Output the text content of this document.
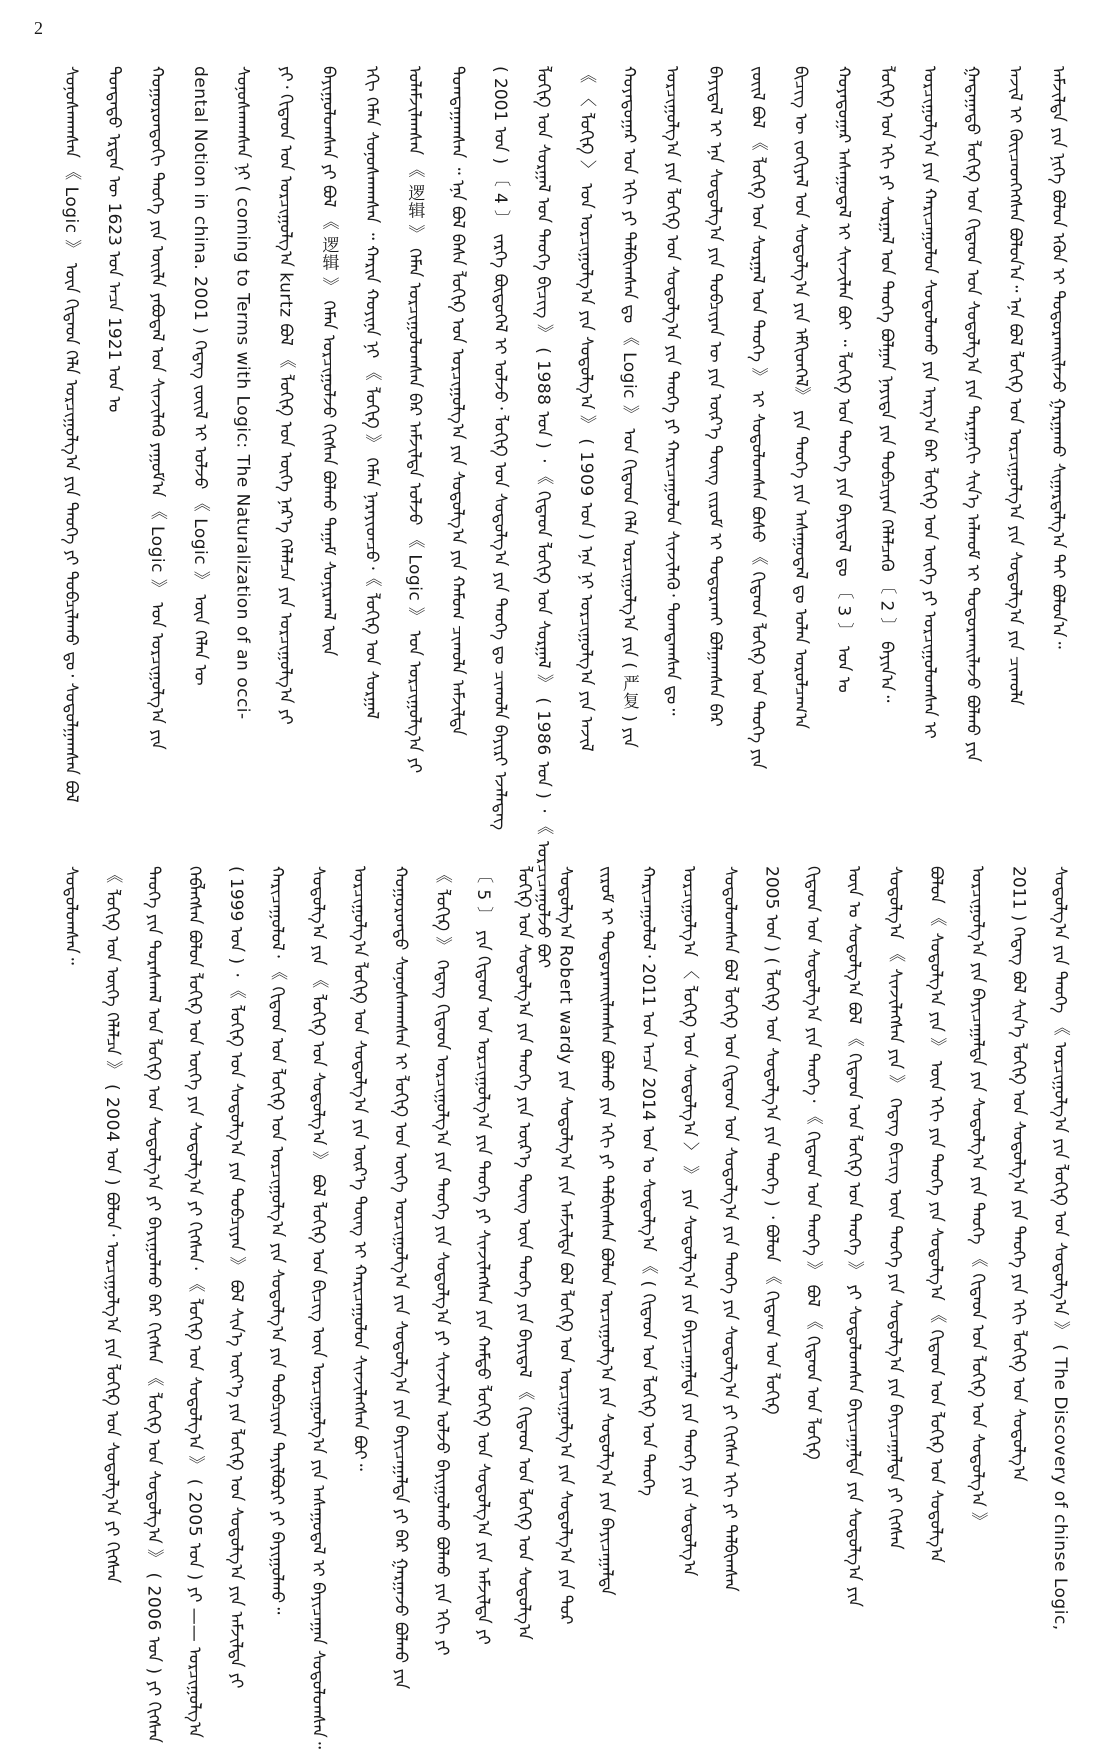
2
ᠰᠣᠨᠣᠰᠬᠠᠭᠰᠠᠨ 《 Logic 》 ᠦᠨ ᠬᠢᠲᠠᠳ ᠬᠡᠯᠡ ᠤᠷᠴᠢᠭᠤᠯᠭ᠎ᠠ ᠶᠢᠨ ᠲᠡᠦᠬᠡ ᠶᠢ ᠲᠣᠪᠴᠢᠯᠠᠬᠤ ᠳᠤ᠂ ᠰᠤᠳᠤᠯᠭᠠᠭᠰᠠᠨ ᠪᠣᠯ ᠳᠣᠨᠳᠠᠳᠤ ᠡᠷᠲᠡᠨ ᠦ 1623 ᠣᠨ ᠠᠴᠠ 1921 ᠣᠨ ᠤ ᠬᠣᠭᠣᠷᠣᠨᠳᠤᠬᠢ ᠲᠡᠦᠬᠡ ᠶᠢᠨ ᠦᠢᠯᠡ ᠶᠠᠪᠤᠳᠠᠯ ᠤᠨ ᠰᠢᠨᠵᠢᠯᠡᠬᠦ ᠶᠠᠭᠤᠮ᠎ᠠ 《 Logic 》 ᠤᠨ ᠣᠷᠴᠢᠭᠤᠯᠭ᠎ᠠ ᠶᠢᠨ dental Notion in china. 2001 ) ᠭᠡᠳᠡᠭ ᠵᠦᠢᠯ ᠢ ᠣᠯᠵᠤ 《 Logic 》 ᠦᠨ ᠬᠡᠯᠡᠨ ᠦ ᠰᠣᠨᠣᠰᠬᠠᠭᠰᠠᠨ ᠨᠢ ( coming to Terms with Logic: The Naturalization of an occi- ᠶᠢ᠂ ᠬᠢᠲᠠᠳ ᠤᠨ ᠣᠷᠴᠢᠭᠤᠯᠭ᠎ᠠ kurtz ᠪᠣᠯ 《 ᠯᠣᠭᠢᠺ ᠤᠨ ᠦᠭᠡ ᠨᠡᠷ᠎ᠡ ᠬᠡᠯᠡᠯᠴᠡ ᠶᠢᠨ ᠣᠷᠴᠢᠭᠤᠯᠭ᠎ᠠ ᠶᠢ ᠪᠠᠶᠢᠭᠤᠯᠤᠭᠰᠠᠨ ᠶᠢ ᠪᠣᠯ 《 逻辑 》 ᠬᠡᠮᠡᠨ ᠣᠷᠴᠢᠭᠤᠯᠵᠤ ᠬᠢᠭᠰᠡᠨ ᠪᠣᠯᠬᠣ ᠳᠠᠭᠠᠮ ᠰᠣᠨᠢᠷᠬᠠᠯ ᠦᠨ ᠡᠬᠢ ᠬᠡᠮᠡᠨ ᠰᠣᠨᠣᠰᠬᠠᠭᠰᠠᠨ ᠃ ᠬᠠᠷᠢᠨ ᠬᠣᠶᠢᠨᠠ ᠨᠢ 《 ᠯᠣᠭᠢᠺ 》 ᠬᠡᠮᠡᠨ ᠨᠡᠷᠡᠶᠢᠳᠴᠦ᠂《 ᠯᠣᠭᠢᠺ ᠤᠨ ᠰᠤᠷᠭᠠᠯ ᠤᠯᠠᠮᠵᠢᠯᠠᠭᠰᠠᠨ 《 逻辑 》 ᠬᠡᠮᠡᠨ ᠣᠷᠴᠢᠭᠤᠯᠤᠭᠰᠠᠨ ᠪᠡᠷ ᠠᠮᠵᠢᠯᠲᠠ ᠣᠯᠵᠤ 《 Logic 》 ᠤᠨ ᠣᠷᠴᠢᠭᠤᠯᠭ᠎ᠠ ᠶᠢ ᠲᠣᠭᠲᠠᠭᠠᠭᠰᠠᠨ ᠃ ᠡᠨᠡ ᠪᠣᠯ ᠪᠠᠰᠠ ᠯᠣᠭᠢᠺ ᠤᠨ ᠣᠷᠴᠢᠭᠤᠯᠭ᠎ᠠ ᠶᠢᠨ ᠰᠤᠳᠤᠯᠭ᠎ᠠ ᠶᠢᠨ ᠬᠠᠮᠤᠭ ᠴᠢᠬᠤᠯᠠ ᠠᠮᠵᠢᠯᠲᠠ ( 2001 ᠣᠨ ) 〔 4 〕 ᠵᠡᠷᠭᠡ ᠪᠦᠲᠦᠭᠡᠯ ᠢ ᠣᠯᠵᠤ᠂ ᠯᠣᠭᠢᠺ ᠤᠨ ᠰᠤᠳᠤᠯᠭ᠎ᠠ ᠶᠢᠨ ᠲᠡᠦᠬᠡ ᠳᠤ ᠴᠢᠬᠤᠯᠠ ᠪᠠᠶᠢᠷᠢ ᠡᠵᠡᠯᠡᠳᠡᠭ ᠯᠣᠭᠢᠺ ᠤᠨ ᠰᠤᠷᠭᠠᠯ ᠤᠨ ᠲᠡᠦᠬᠡ ᠪᠢᠴᠢᠭ 》 ( 1988 ᠣᠨ ) ᠂ 《 ᠬᠢᠲᠠᠳ ᠯᠣᠭᠢᠺ ᠤᠨ ᠰᠤᠷᠭᠠᠯ 》 ( 1986 ᠣᠨ ) ᠂ 《 ᠣᠷᠴᠢᠴᠠᠭᠤᠯᠵᠤ ᠪᠤᠢ 《 〈 ᠯᠣᠭᠢᠺ 〉 ᠤᠨ ᠣᠷᠴᠢᠭᠤᠯᠭ᠎ᠠ ᠶᠢᠨ ᠰᠤᠳᠤᠯᠭ᠎ᠠ 》 ( 1909 ᠣᠨ ) ᠡᠨᠡ ᠨᠢ ᠣᠷᠴᠢᠭᠤᠯᠭ᠎ᠠ ᠶᠢᠨ ᠠᠵᠢᠯ ᠬᠣᠶᠠᠳᠤᠭᠠᠷ ᠤᠨ ᠡᠬᠢ ᠶᠢ ᠲᠠᠯᠪᠢᠭᠰᠠᠨ ᠳᠤ 《 Logic 》 ᠤᠨ ᠬᠢᠲᠠᠳ ᠬᠡᠯᠡ ᠤᠷᠴᠢᠭᠤᠯᠭ᠎ᠠ ᠶᠢᠨ ( 严复 ) ᠶᠢᠨ ᠣᠷᠴᠢᠭᠤᠯᠭ᠎ᠠ ᠶᠢᠨ ᠯᠣᠭᠢᠺ ᠤᠨ ᠰᠤᠳᠤᠯᠭ᠎ᠠ ᠶᠢᠨ ᠲᠡᠦᠬᠡ ᠶᠢ ᠬᠠᠷᠢᠴᠠᠭᠤᠯᠤᠨ ᠰᠢᠨᠵᠢᠯᠡᠬᠦ᠂ ᠲᠣᠭᠲᠠᠭᠰᠠᠨ ᠳᠤ᠃ ᠪᠠᠶᠢᠳᠠᠯ ᠢ ᠡᠨᠡ ᠰᠤᠳᠤᠯᠭ᠎ᠠ ᠶᠢᠨ ᠲᠣᠪᠴᠢᠶᠠᠨ ᠦ ᠶᠢᠨ ᠦᠷ᠎ᠡ ᠳᠦᠩ ᠵᠢᠷᠤᠮ ᠢ ᠲᠣᠳᠣᠷᠬᠠᠢ ᠪᠣᠯᠭᠠᠭᠰᠠᠨ ᠪᠡᠷ ᠵᠦᠢᠯ ᠪᠣᠯ 《 ᠯᠣᠭᠢᠺ ᠤᠨ ᠰᠤᠷᠭᠠᠯ ᠤᠨ ᠲᠡᠦᠬᠡ 》 ᠢ ᠰᠤᠳᠤᠯᠤᠭᠰᠠᠨ ᠪᠤᠰᠤ 《 ᠬᠢᠲᠠᠳ ᠯᠣᠭᠢᠺ ᠤᠨ ᠲᠡᠦᠬᠡ ᠶᠢᠨ ᠪᠢᠴᠢᠭ ᠦ ᠵᠣᠬᠢᠶᠠᠯ ᠤᠨ ᠰᠤᠳᠤᠯᠭ᠎ᠠ ᠶᠢᠨ ᠡᠮᠬᠢᠳᠬᠡᠯ》 ᠶᠢᠨ ᠲᠡᠦᠬᠡ ᠶᠢᠨ ᠠᠰᠠᠭᠤᠳᠠᠯ ᠳᠤ ᠣᠯᠠᠨ ᠣᠷᠣᠯᠴᠠᠭ᠎ᠠ ᠬᠣᠶᠠᠳᠤᠭᠠᠷ ᠠᠰᠠᠭᠤᠳᠠᠯ ᠢ ᠰᠢᠨᠵᠢᠯᠡᠨ ᠪᠤᠢ ᠃ ᠯᠣᠭᠢᠺ ᠤᠨ ᠲᠡᠦᠬᠡ ᠶᠢᠨ ᠪᠠᠶᠢᠳᠠᠯ ᠳᠤ 〔 3 〕 ᠣᠨ ᠤ ᠯᠣᠭᠢᠺ ᠤᠨ ᠡᠬᠢ ᠶᠢ ᠰᠤᠷᠭᠠᠯ ᠤᠨ ᠲᠡᠦᠬᠡ ᠪᠣᠯᠭᠠᠨ ᠨᠡᠶᠢᠲᠡ ᠶᠢᠨ ᠲᠣᠪᠴᠢᠶᠠᠨ ᠬᠡᠯᠡᠯᠴᠡᠬᠦ 〔 2 〕 ᠪᠠᠶᠢᠨ᠎ᠠ᠃ ᠣᠷᠴᠢᠭᠤᠯᠭ᠎ᠠ ᠶᠢᠨ ᠬᠠᠷᠢᠴᠠᠭᠤᠯᠤᠨ ᠰᠤᠳᠤᠯᠤᠬᠤ ᠶᠢᠨ ᠠᠷᠭ᠎ᠠ ᠪᠠᠷ ᠯᠣᠭᠢᠺ ᠤᠨ ᠦᠭᠡ ᠶᠢ ᠣᠷᠴᠢᠭᠤᠯᠤᠭᠰᠠᠨ ᠢ ᠭᠠᠳᠠᠭᠠᠳᠤ ᠯᠣᠭᠢᠺ ᠤᠨ ᠬᠢᠲᠠᠳ ᠤᠨ ᠰᠤᠳᠤᠯᠭ᠎ᠠ ᠶᠢᠨ ᠳᠠᠷᠠᠭᠠᠬᠢ ᠰᠢᠨ᠎ᠡ ᠠᠯᠬᠤᠮ ᠢ ᠲᠣᠳᠣᠷᠬᠠᠢᠯᠠᠵᠤ ᠪᠣᠯᠬᠤ ᠶᠢᠨ ᠠᠵᠢᠯ ᠢ ᠭᠦᠢᠴᠡᠳᠬᠡᠭᠰᠡᠨ ᠪᠣᠯᠤᠨ᠎ᠠ᠃ ᠡᠨᠡ ᠪᠣᠯ ᠯᠣᠭᠢᠺ ᠤᠨ ᠣᠷᠴᠢᠭᠤᠯᠭ᠎ᠠ ᠶᠢᠨ ᠰᠤᠳᠤᠯᠭ᠎ᠠ ᠶᠢᠨ ᠴᠢᠬᠤᠯᠠ ᠠᠮᠵᠢᠯᠲᠠ ᠶᠢᠨ ᠨᠢᠭᠡ ᠪᠣᠯᠤᠨ ᠡᠭᠦᠨ ᠢ ᠲᠣᠳᠣᠷᠬᠠᠢᠯᠠᠵᠤ ᠭᠠᠷᠭᠠᠬᠤ ᠰᠢᠭᠠᠷᠳᠠᠯᠭ᠎ᠠ ᠲᠠᠢ ᠪᠣᠯᠤᠨ᠎ᠠ᠃
ᠰᠤᠳᠤᠯᠤᠭᠰᠠᠨ᠃ 《 ᠯᠣᠭᠢᠺ ᠤᠨ ᠦᠭᠡ ᠬᠡᠯᠡᠯᠴᠡ 》 ( 2004 ᠣᠨ ) ᠪᠣᠯᠤᠨ᠂ ᠣᠷᠴᠢᠭᠤᠯᠭ᠎ᠠ ᠶᠢᠨ ᠯᠣᠭᠢᠺ ᠤᠨ ᠰᠤᠳᠤᠯᠭ᠎ᠠ ᠶᠢ ᠬᠢᠭᠰᠡᠨ ᠲᠡᠦᠬᠡ ᠶᠢᠨ ᠳᠤᠷᠠᠰᠬᠠᠯ ᠤᠨ ᠯᠣᠭᠢᠺ ᠤᠨ ᠰᠤᠳᠤᠯᠭ᠎ᠠ ᠶᠢ ᠪᠠᠶᠢᠭᠤᠯᠬᠤ ᠪᠠᠷ ᠬᠢᠭᠰᠡᠨ 《 ᠯᠣᠭᠢᠺ ᠤᠨ ᠰᠤᠳᠤᠯᠭ᠎ᠠ 》 ( 2006 ᠣᠨ ) ᠶᠢ ᠬᠢᠭᠰᠡᠨ ᠬᠡᠪᠯᠡᠭᠰᠡᠨ ᠪᠣᠯᠤᠨ ᠯᠣᠭᠢᠺ ᠤᠨ ᠦᠭᠡ ᠶᠢᠨ ᠰᠤᠳᠤᠯᠭ᠎ᠠ ᠶᠢ ᠬᠢᠭᠰᠡᠨ᠂ 《 ᠯᠣᠭᠢᠺ ᠤᠨ ᠰᠤᠳᠤᠯᠭ᠎ᠠ 》 ( 2005 ᠣᠨ ) ᠶᠢ —— ᠣᠷᠴᠢᠭᠤᠯᠭ᠎ᠠ ( 1999 ᠣᠨ ) ᠂ 《 ᠯᠣᠭᠢᠺ ᠤᠨ ᠰᠤᠳᠤᠯᠭ᠎ᠠ ᠶᠢᠨ ᠲᠣᠪᠴᠢᠶᠠᠨ 》 ᠪᠣᠯ ᠰᠢᠨ᠎ᠡ ᠦᠶ᠎ᠡ ᠶᠢᠨ ᠯᠣᠭᠢᠺ ᠤᠨ ᠰᠤᠳᠤᠯᠭ᠎ᠠ ᠶᠢᠨ ᠠᠮᠵᠢᠯᠲᠠ ᠶᠢ ᠬᠠᠷᠢᠴᠠᠭᠤᠯᠤᠯ᠂ 《 ᠬᠢᠲᠠᠳ ᠤᠨ ᠯᠣᠭᠢᠺ ᠤᠨ ᠣᠷᠴᠢᠭᠤᠯᠭ᠎ᠠ ᠶᠢᠨ ᠰᠤᠳᠤᠯᠭ᠎ᠠ ᠶᠢᠨ ᠲᠣᠪᠴᠢᠶᠠᠨ ᠲᠠᠶᠢᠯᠪᠤᠷᠢ ᠶᠢ ᠪᠠᠶᠢᠭᠤᠯᠬᠤ᠃ ᠰᠤᠳᠤᠯᠭ᠎ᠠ ᠶᠢᠨ 《 ᠯᠣᠭᠢᠺ ᠤᠨ ᠰᠤᠳᠤᠯᠭ᠎ᠠ 》 ᠪᠣᠯ ᠯᠣᠭᠢᠺ ᠤᠨ ᠪᠢᠴᠢᠭ ᠦᠨ ᠣᠷᠴᠢᠭᠤᠯᠭ᠎ᠠ ᠶᠢᠨ ᠠᠰᠠᠭᠤᠳᠠᠯ ᠢ ᠪᠠᠶᠢᠴᠠᠭᠠᠨ ᠰᠤᠳᠤᠯᠤᠭᠰᠠᠨ᠃ ᠣᠷᠴᠢᠭᠤᠯᠭ᠎ᠠ ᠯᠣᠭᠢᠺ ᠤᠨ ᠰᠤᠳᠤᠯᠭ᠎ᠠ ᠶᠢᠨ ᠦᠷ᠎ᠡ ᠳᠦᠩ ᠢ ᠬᠠᠷᠢᠴᠠᠭᠤᠯᠤᠨ ᠰᠢᠨᠵᠢᠯᠡᠭᠰᠡᠨ ᠪᠤᠢ᠃ ᠬᠣᠭᠣᠷᠣᠨᠳᠤ ᠰᠣᠨᠣᠰᠬᠠᠭᠰᠠᠨ ᠢ ᠯᠣᠭᠢᠺ ᠤᠨ ᠦᠭᠡ ᠣᠷᠴᠢᠭᠤᠯᠭ᠎ᠠ ᠶᠢᠨ ᠰᠤᠳᠤᠯᠭ᠎ᠠ ᠶᠢᠨ ᠪᠠᠶᠢᠴᠠᠭᠠᠯᠲᠠ ᠶᠢ ᠪᠠᠷ ᠭᠠᠷᠭᠠᠵᠤ ᠪᠣᠯᠬᠤ ᠶᠢᠨ 《 ᠯᠣᠭᠢᠺ 》 ᠭᠡᠳᠡᠭ ᠬᠢᠲᠠᠳ ᠣᠷᠴᠢᠭᠤᠯᠭ᠎ᠠ ᠶᠢᠨ ᠲᠡᠦᠬᠡ ᠶᠢᠨ ᠰᠤᠳᠤᠯᠭ᠎ᠠ ᠶᠢ ᠰᠢᠨᠵᠢᠯᠡᠨ ᠣᠯᠵᠤ ᠪᠠᠶᠢᠭᠤᠯᠬᠤ ᠪᠣᠯᠬᠣ ᠶᠢᠨ ᠡᠬᠢ ᠶᠢ 〔 5 〕 ᠶᠢᠨ ᠬᠢᠲᠠᠳ ᠤᠨ ᠣᠷᠴᠢᠭᠤᠯᠭ᠎ᠠ ᠶᠢᠨ ᠲᠡᠦᠬᠡ ᠶᠢ ᠰᠢᠨᠵᠢᠯᠡᠭᠰᠡᠨ ᠶᠢᠨ ᠬᠠᠮᠲᠤ ᠯᠣᠭᠢᠺ ᠤᠨ ᠰᠤᠳᠤᠯᠭ᠎ᠠ ᠶᠢᠨ ᠠᠮᠵᠢᠯᠲᠠ ᠶᠢ ᠯᠣᠭᠢᠺ ᠤᠨ ᠰᠤᠳᠤᠯᠭ᠎ᠠ ᠶᠢᠨ ᠲᠡᠦᠬᠡ ᠶᠢᠨ ᠦᠷ᠎ᠡ ᠳᠦᠩ ᠦᠨ ᠲᠡᠦᠬᠡ ᠶᠢᠨ ᠪᠠᠶᠢᠳᠠᠯ 《 ᠬᠢᠲᠠᠳ ᠤᠨ ᠯᠣᠭᠢᠺ ᠤᠨ ᠰᠤᠳᠤᠯᠭ᠎ᠠ ᠰᠤᠳᠤᠯᠭ᠎ᠠ Robert wardy ᠶᠢᠨ ᠰᠤᠳᠤᠯᠭ᠎ᠠ ᠶᠢᠨ ᠠᠮᠵᠢᠯᠲᠠ ᠪᠣᠯ ᠯᠣᠭᠢᠺ ᠤᠨ ᠣᠷᠴᠢᠭᠤᠯᠭ᠎ᠠ ᠶᠢᠨ ᠰᠤᠳᠤᠯᠭ᠎ᠠ ᠶᠢᠨ ᠳᠤᠷ ᠵᠢᠷᠤᠮ ᠢ ᠲᠣᠳᠣᠷᠬᠠᠢᠯᠠᠭᠰᠠᠨ ᠪᠣᠯᠬᠣ ᠶᠢᠨ ᠡᠬᠢ ᠶᠢ ᠲᠠᠯᠪᠢᠭᠰᠠᠨ ᠪᠣᠯᠤᠨ ᠣᠷᠴᠢᠭᠤᠯᠭ᠎ᠠ ᠶᠢᠨ ᠰᠤᠳᠤᠯᠭ᠎ᠠ ᠶᠢᠨ ᠪᠠᠶᠢᠴᠠᠭᠠᠯᠲᠠ ᠬᠠᠷᠢᠴᠠᠭᠤᠯᠤᠯ᠂ 2011 ᠣᠨ ᠠᠴᠠ 2014 ᠣᠨ ᠤ ᠰᠤᠳᠤᠯᠭ᠎ᠠ 《 ( ᠬᠢᠲᠠᠳ ᠤᠨ ᠯᠣᠭᠢᠺ ᠤᠨ ᠲᠡᠦᠬᠡ ᠣᠷᠴᠢᠭᠤᠯᠭ᠎ᠠ 〈 ᠯᠣᠭᠢᠺ ᠤᠨ ᠰᠤᠳᠤᠯᠭ᠎ᠠ 〉 》 ᠶᠢᠨ ᠰᠤᠳᠤᠯᠭ᠎ᠠ ᠶᠢᠨ ᠪᠠᠶᠢᠴᠠᠭᠠᠯᠲᠠ ᠶᠢᠨ ᠲᠡᠦᠬᠡ ᠶᠢᠨ ᠰᠤᠳᠤᠯᠭ᠎ᠠ ᠰᠤᠳᠤᠯᠤᠭᠰᠠᠨ ᠪᠣᠯ ᠯᠣᠭᠢᠺ ᠤᠨ ᠬᠢᠲᠠᠳ ᠤᠨ ᠰᠤᠳᠤᠯᠭ᠎ᠠ ᠶᠢᠨ ᠲᠡᠦᠬᠡ ᠶᠢᠨ ᠰᠤᠳᠤᠯᠭ᠎ᠠ ᠶᠢ ᠬᠢᠭᠰᠡᠨ ᠡᠬᠢ ᠶᠢ ᠲᠠᠯᠪᠢᠭᠰᠠᠨ 2005 ᠣᠨ ) ( ᠯᠣᠭᠢᠺ ᠤᠨ ᠰᠤᠳᠤᠯᠭ᠎ᠠ ᠶᠢᠨ ᠲᠡᠦᠬᠡ ) ᠂ ᠪᠣᠯᠤᠨ 《 ᠬᠢᠲᠠᠳ ᠤᠨ ᠯᠣᠭᠢᠺ ᠬᠢᠲᠠᠳ ᠤᠨ ᠰᠤᠳᠤᠯᠭ᠎ᠠ ᠶᠢᠨ ᠲᠡᠦᠬᠡ᠂ 《 ᠬᠢᠲᠠᠳ ᠤᠨ ᠲᠡᠦᠬᠡ 》 ᠪᠣᠯ 《 ᠬᠢᠲᠠᠳ ᠤᠨ ᠯᠣᠭᠢᠺ ᠦᠨ ᠤ ᠰᠤᠳᠤᠯᠭ᠎ᠠ ᠪᠣᠯ 《 ᠬᠢᠲᠠᠳ ᠤᠨ ᠯᠣᠭᠢᠺ ᠤᠨ ᠲᠡᠦᠬᠡ 》 ᠶᠢ ᠰᠤᠳᠤᠯᠤᠭᠰᠠᠨ ᠪᠠᠶᠢᠴᠠᠭᠠᠯᠲᠠ ᠶᠢᠨ ᠰᠤᠳᠤᠯᠭ᠎ᠠ ᠶᠢᠨ ᠰᠤᠳᠤᠯᠭ᠎ᠠ 《 ᠰᠢᠨᠵᠢᠯᠡᠭᠰᠡᠨ ᠶᠢᠨ 》 ᠭᠡᠳᠡᠭ ᠪᠢᠴᠢᠭ ᠦᠨ ᠲᠡᠦᠬᠡ ᠶᠢᠨ ᠰᠤᠳᠤᠯᠭ᠎ᠠ ᠶᠢᠨ ᠪᠠᠶᠢᠴᠠᠭᠠᠯᠲᠠ ᠶᠢ ᠬᠢᠭᠰᠡᠨ ᠪᠣᠯᠤᠨ 《 ᠰᠤᠳᠤᠯᠭ᠎ᠠ ᠶᠢᠨ 》 ᠦᠨ ᠡᠬᠢ ᠶᠢᠨ ᠲᠡᠦᠬᠡ ᠶᠢᠨ ᠰᠤᠳᠤᠯᠭ᠎ᠠ 《 ᠬᠢᠲᠠᠳ ᠤᠨ ᠯᠣᠭᠢᠺ ᠤᠨ ᠰᠤᠳᠤᠯᠭ᠎ᠠ ᠣᠷᠴᠢᠭᠤᠯᠭ᠎ᠠ ᠶᠢᠨ ᠪᠠᠶᠢᠴᠠᠭᠠᠯᠲᠠ ᠶᠢᠨ ᠰᠤᠳᠤᠯᠭ᠎ᠠ ᠶᠢᠨ ᠲᠡᠦᠬᠡ 《 ᠬᠢᠲᠠᠳ ᠤᠨ ᠯᠣᠭᠢᠺ ᠤᠨ ᠰᠤᠳᠤᠯᠭ᠎ᠠ 》 2011 ) ᠭᠡᠳᠡᠭ ᠪᠣᠯ ᠰᠢᠨ᠎ᠡ ᠯᠣᠭᠢᠺ ᠤᠨ ᠰᠤᠳᠤᠯᠭ᠎ᠠ ᠶᠢᠨ ᠲᠡᠦᠬᠡ ᠶᠢᠨ ᠡᠬᠢ ᠯᠣᠭᠢᠺ ᠤᠨ ᠰᠤᠳᠤᠯᠭ᠎ᠠ ᠰᠤᠳᠤᠯᠭ᠎ᠠ ᠶᠢᠨ ᠲᠡᠦᠬᠡ 《 ᠣᠷᠴᠢᠭᠤᠯᠭ᠎ᠠ ᠶᠢᠨ ᠯᠣᠭᠢᠺ ᠤᠨ ᠰᠤᠳᠤᠯᠭ᠎ᠠ 》 ( The Discovery of chinse Logic,
